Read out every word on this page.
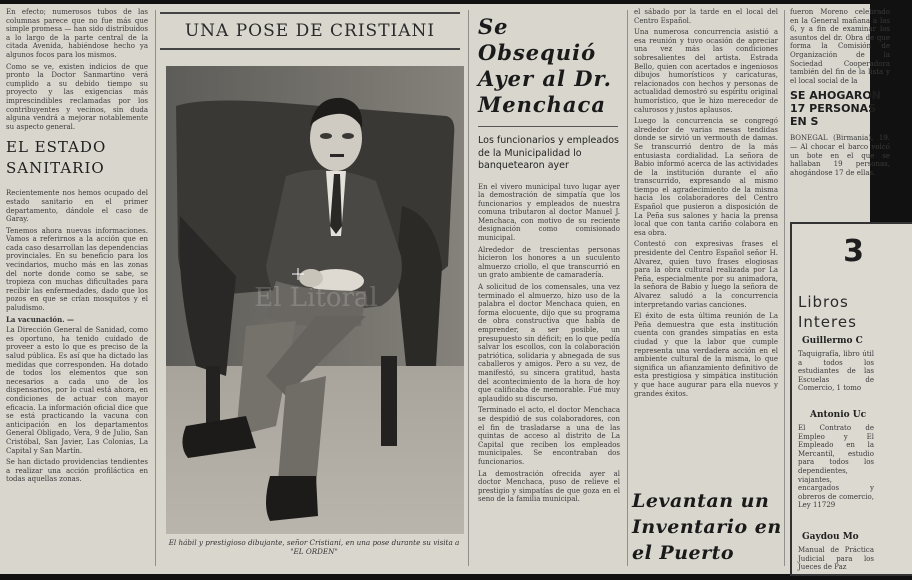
En efecto; numerosos tubos de las columnas parece que no fue más que simple promesa — han sido distribuidos a lo largo de la parte central de la citada Avenida, habiéndose hecho ya algunos focos para los mismos.

Como se ve, existen indicios de que pronto la Doctor Sanmartino verá cumplido a su debido tiempo su proyecto y las exigencias más imprescindibles reclamadas por los contribuyentes y vecinos, sin duda alguna vendrá a mejorar notablemente su aspecto general.

EL ESTADO SANITARIO

Recientemente nos hemos ocupado del estado sanitario en el primer departamento, dándole el caso de Garay.

Tenemos ahora nuevas informaciones. Vamos a referirnos a la acción que en cada caso desarrollan las dependencias provinciales. En su beneficio para los vecindarios, mucho más en las zonas del norte donde como se sabe, se tropieza con muchas dificultades para recibir las enfermedades, dado que los pozos en que se crían mosquitos y el paludismo.

La vacunación. —

La Dirección General de Sanidad, como es oportuno, ha tenido cuidado de proveer a esto lo que es preciso de la salud pública. Es así que ha dictado las medidas que corresponden. Ha dotado de todos los elementos que son necesarios a cada uno de los dispensarios, por lo cual está ahora, en condiciones de actuar con mayor eficacia. La información oficial dice que se está practicando la vacuna con anticipación en los departamentos General Obligado, Vera, 9 de Julio, San Cristóbal, San Javier, Las Colonias, La Capital y San Martín.

Se han dictado providencias tendientes a realizar una acción profiláctica en todas aquellas zonas.

UNA POSE DE CRISTIANI
El Litoral
El hábil y prestigioso dibujante, señor Cristiani, en una pose durante su visita a "EL ORDEN"
Se Obsequió Ayer al Dr. Menchaca
Los funcionarios y empleados de la Municipalidad lo banquetearon ayer

En el vivero municipal tuvo lugar ayer la demostración de simpatía que los funcionarios y empleados de nuestra comuna tributaron al doctor Manuel J. Menchaca, con motivo de su reciente designación como comisionado municipal.

Alrededor de trescientas personas hicieron los honores a un suculento almuerzo criollo, el que transcurrió en un grato ambiente de camaradería.

A solicitud de los comensales, una vez terminado el almuerzo, hizo uso de la palabra el doctor Menchaca quien, en forma elocuente, dijo que su programa de obra constructiva que había de emprender, a ser posible, un presupuesto sin déficit; en lo que pedía salvar los escollos, con la colaboración patriótica, solidaria y abnegada de sus caballeros y amigos. Pero a su vez, de manifestó, su sincera gratitud, hasta del acontecimiento de la hora de hoy que calificaba de memorable. Fué muy aplaudido su discurso.

Terminado el acto, el doctor Menchaca se despidió de sus colaboradores, con el fin de trasladarse a una de las quintas de acceso al distrito de La Capital que reciben los empleados municipales. Se encontraban dos funcionarios.

La demostración ofrecida ayer al doctor Menchaca, puso de relieve el prestigio y simpatías de que goza en el seno de la familia municipal.

el sábado por la tarde en el local del Centro Español.

Una numerosa concurrencia asistió a esa reunión y tuvo ocasión de apreciar una vez más las condiciones sobresalientes del artista. Estrada Bello, quien con acertados e ingeniosos dibujos humorísticos y caricaturas, relacionados con hechos y personas de actualidad demostró su espíritu original humorístico, que le hizo merecedor de calurosos y justos aplausos.

Luego la concurrencia se congregó alrededor de varias mesas tendidas donde se sirvió un vermouth de damas. Se transcurrió dentro de la más entusiasta cordialidad. La señora de Babio informó acerca de las actividades de la institución durante el año transcurrido, expresando al mismo tiempo el agradecimiento de la misma hacia los colaboradores del Centro Español que pusieron a disposición de La Peña sus salones y hacia la prensa local que con tanta cariño colabora en esa obra.

Contestó con expresivas frases el presidente del Centro Español señor H. Alvarez, quien tuvo frases elogiosas para la obra cultural realizada por La Peña, especialmente por su animadora, la señora de Babio y luego la señora de Alvarez saludó a la concurrencia interpretando varias canciones.

El éxito de esta última reunión de La Peña demuestra que esta institución cuenta con grandes simpatías en esta ciudad y que la labor que cumple representa una verdadera acción en el ambiente cultural de la misma, lo que significa un afianzamiento definitivo de esta prestigiosa y simpática institución y que hace augurar para ella nuevos y grandes éxitos.

Levantan un Inventario en el Puerto

fueron Moreno celebrado en la General mañana a las 6, y a fin de examinar los asuntos del dr. Obra de que forma la Comisión de Organización de la Sociedad Cooperadora también del fin de la lista y el local social de la

SE AHOGARON 17 PERSONAS EN S

BONEGAL (Birmania), 19. — Al chocar el barco volcó un bote en el que se hallaban 19 personas, ahogándose 17 de ellas.

3
Libros Interes
Guillermo C
Taquigrafía, libro útil a todos los estudiantes de las Escuelas de Comercio, 1 tomo
Antonio Uc
El Contrato de Empleo y El Empleado en la Mercantil, estudio para todos los dependientes, viajantes, encargados y obreros de comercio, Ley 11729
Gaydou Mo
Manual de Práctica Judicial para los Jueces de Paz
